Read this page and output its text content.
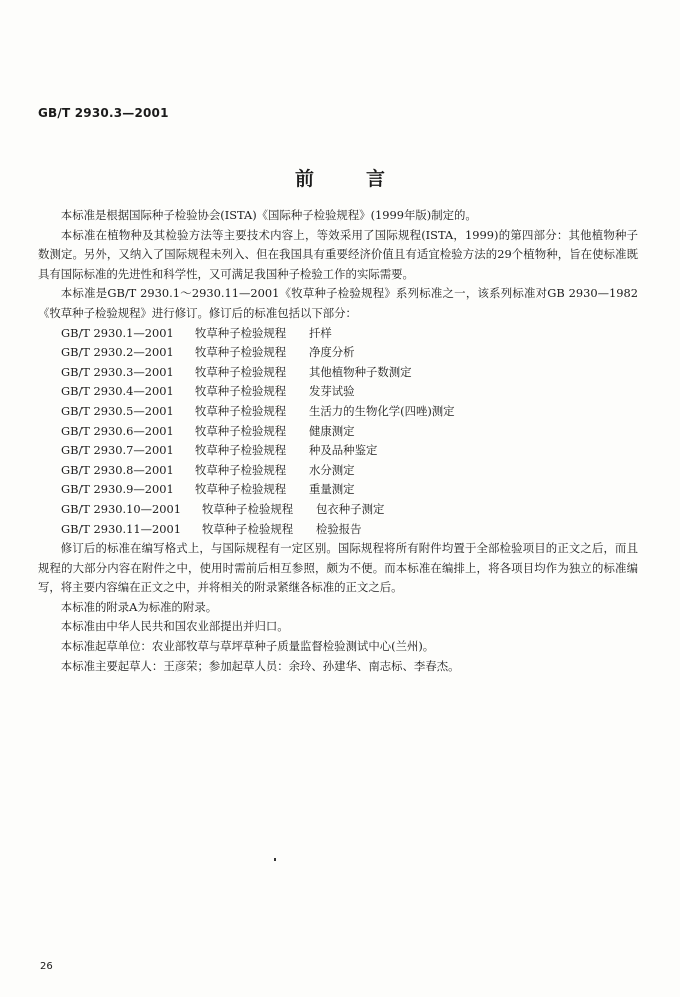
GB/T 2930.3—2001
前言

本标准是根据国际种子检验协会(ISTA)《国际种子检验规程》(1999年版)制定的。

本标准在植物种及其检验方法等主要技术内容上，等效采用了国际规程(ISTA，1999)的第四部分：其他植物种子数测定。另外，又纳入了国际规程未列入、但在我国具有重要经济价值且有适宜检验方法的29个植物种，旨在使标准既具有国际标准的先进性和科学性，又可满足我国种子检验工作的实际需要。

本标准是GB/T 2930.1～2930.11—2001《牧草种子检验规程》系列标准之一，该系列标准对GB 2930—1982《牧草种子检验规程》进行修订。修订后的标准包括以下部分：

GB/T 2930.1—2001	牧草种子检验规程	扦样
GB/T 2930.2—2001	牧草种子检验规程	净度分析
GB/T 2930.3—2001	牧草种子检验规程	其他植物种子数测定
GB/T 2930.4—2001	牧草种子检验规程	发芽试验
GB/T 2930.5—2001	牧草种子检验规程	生活力的生物化学(四唑)测定
GB/T 2930.6—2001	牧草种子检验规程	健康测定
GB/T 2930.7—2001	牧草种子检验规程	种及品种鉴定
GB/T 2930.8—2001	牧草种子检验规程	水分测定
GB/T 2930.9—2001	牧草种子检验规程	重量测定
GB/T 2930.10—2001	牧草种子检验规程	包衣种子测定
GB/T 2930.11—2001	牧草种子检验规程	检验报告

修订后的标准在编写格式上，与国际规程有一定区别。国际规程将所有附件均置于全部检验项目的正文之后，而且规程的大部分内容在附件之中，使用时需前后相互参照，颇为不便。而本标准在编排上，将各项目均作为独立的标准编写，将主要内容编在正文之中，并将相关的附录紧继各标准的正文之后。

本标准的附录A为标准的附录。

本标准由中华人民共和国农业部提出并归口。

本标准起草单位：农业部牧草与草坪草种子质量监督检验测试中心(兰州)。

本标准主要起草人：王彦荣；参加起草人员：余玲、孙建华、南志标、李春杰。

26
